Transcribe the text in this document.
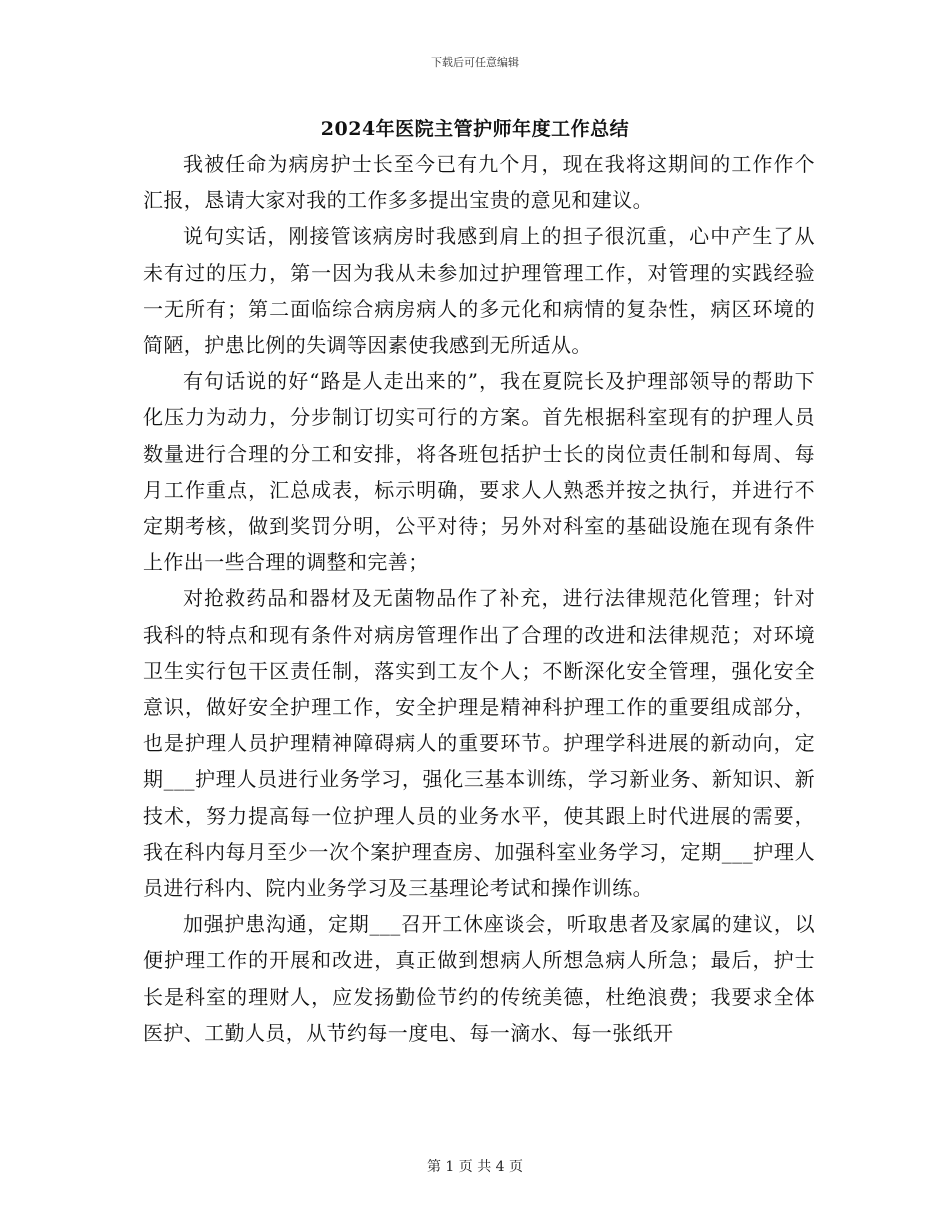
下载后可任意编辑
2024年医院主管护师年度工作总结

我被任命为病房护士长至今已有九个月，现在我将这期间的工作作个汇报，恳请大家对我的工作多多提出宝贵的意见和建议。

说句实话，刚接管该病房时我感到肩上的担子很沉重，心中产生了从未有过的压力，第一因为我从未参加过护理管理工作，对管理的实践经验一无所有；第二面临综合病房病人的多元化和病情的复杂性，病区环境的简陋，护患比例的失调等因素使我感到无所适从。

有句话说的好“路是人走出来的”，我在夏院长及护理部领导的帮助下化压力为动力，分步制订切实可行的方案。首先根据科室现有的护理人员数量进行合理的分工和安排，将各班包括护士长的岗位责任制和每周、每月工作重点，汇总成表，标示明确，要求人人熟悉并按之执行，并进行不定期考核，做到奖罚分明，公平对待；另外对科室的基础设施在现有条件上作出一些合理的调整和完善；

对抢救药品和器材及无菌物品作了补充，进行法律规范化管理；针对我科的特点和现有条件对病房管理作出了合理的改进和法律规范；对环境卫生实行包干区责任制，落实到工友个人；不断深化安全管理，强化安全意识，做好安全护理工作，安全护理是精神科护理工作的重要组成部分，也是护理人员护理精神障碍病人的重要环节。护理学科进展的新动向，定期___护理人员进行业务学习，强化三基本训练，学习新业务、新知识、新技术，努力提高每一位护理人员的业务水平，使其跟上时代进展的需要，我在科内每月至少一次个案护理查房、加强科室业务学习，定期___护理人员进行科内、院内业务学习及三基理论考试和操作训练。

加强护患沟通，定期___召开工休座谈会，听取患者及家属的建议，以便护理工作的开展和改进，真正做到想病人所想急病人所急；最后，护士长是科室的理财人，应发扬勤俭节约的传统美德，杜绝浪费；我要求全体医护、工勤人员，从节约每一度电、每一滴水、每一张纸开

第 1 页 共 4 页
